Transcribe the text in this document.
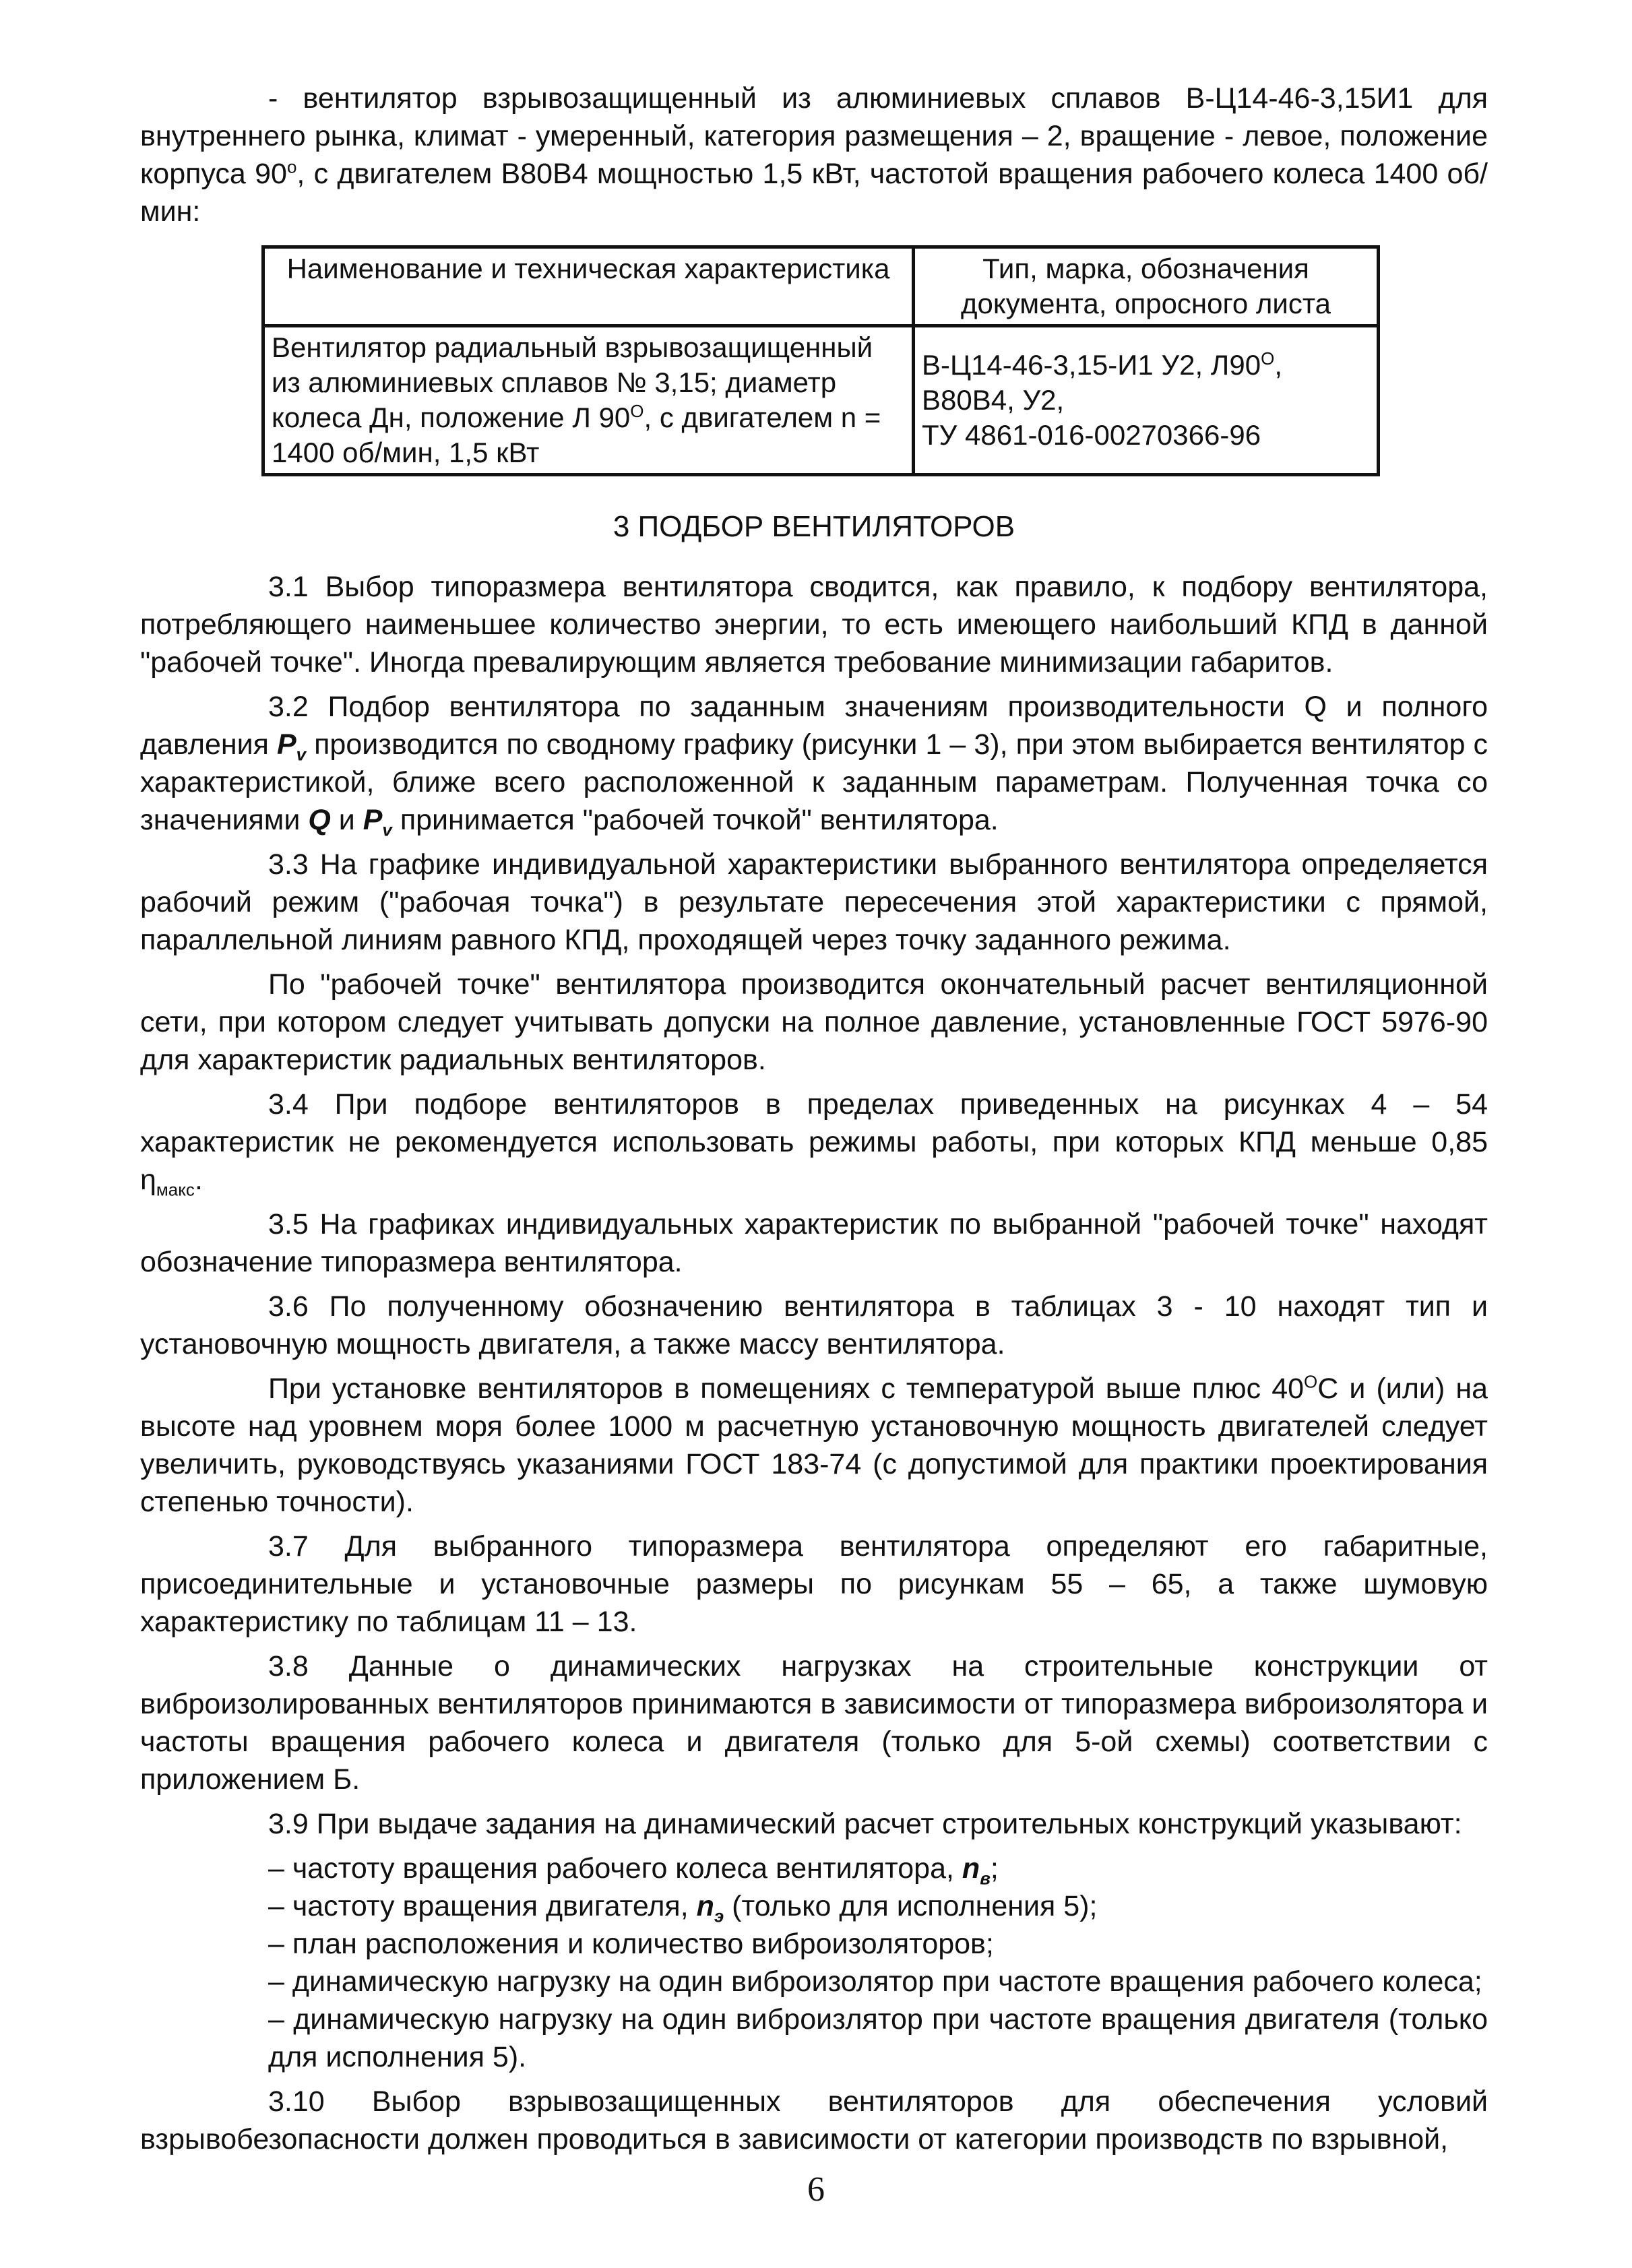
- вентилятор взрывозащищенный из алюминиевых сплавов В-Ц14-46-3,15И1 для внутреннего рынка, климат - умеренный, категория размещения – 2, вращение - левое, положение корпуса $90^о$, с двигателем В80В4 мощностью 1,5 кВт, частотой вращения рабочего колеса 1400 об/мин:

Наименование и техническая характеристика	Тип, марка, обозначения документа, опросного листа
Вентилятор радиальный взрывозащищенный из алюминиевых сплавов № 3,15; диаметр колеса Дн, положение Л $90^О$, с двигателем n = 1400 об/мин, 1,5 кВт	В-Ц14-46-3,15-И1 У2, $Л90^О$,
В80В4, У2,
ТУ 4861-016-00270366-96
3 ПОДБОР ВЕНТИЛЯТОРОВ

3.1 Выбор типоразмера вентилятора сводится, как правило, к подбору вентилятора, потребляющего наименьшее количество энергии, то есть имеющего наибольший КПД в данной "рабочей точке". Иногда превалирующим является требование минимизации габаритов.

3.2 Подбор вентилятора по заданным значениям производительности Q и полного давления $P_v$ производится по сводному графику (рисунки 1 – 3), при этом выбирается вентилятор с характеристикой, ближе всего расположенной к заданным параметрам. Полученная точка со значениями Q и $P_v$ принимается "рабочей точкой" вентилятора.

3.3 На графике индивидуальной характеристики выбранного вентилятора определяется рабочий режим ("рабочая точка") в результате пересечения этой характеристики с прямой, параллельной линиям равного КПД, проходящей через точку заданного режима.

По "рабочей точке" вентилятора производится окончательный расчет вентиляционной сети, при котором следует учитывать допуски на полное давление, установленные ГОСТ 5976-90 для характеристик радиальных вентиляторов.

3.4 При подборе вентиляторов в пределах приведенных на рисунках 4 – 54 характеристик не рекомендуется использовать режимы работы, при которых КПД меньше 0,85 $\eta_{макс}$.

3.5 На графиках индивидуальных характеристик по выбранной "рабочей точке" находят обозначение типоразмера вентилятора.

3.6 По полученному обозначению вентилятора в таблицах 3 - 10 находят тип и установочную мощность двигателя, а также массу вентилятора.

При установке вентиляторов в помещениях с температурой выше плюс $40^ОС$ и (или) на высоте над уровнем моря более 1000 м расчетную установочную мощность двигателей следует увеличить, руководствуясь указаниями ГОСТ 183-74 (с допустимой для практики проектирования степенью точности).

3.7 Для выбранного типоразмера вентилятора определяют его габаритные, присоединительные и установочные размеры по рисункам 55 – 65, а также шумовую характеристику по таблицам 11 – 13.

3.8 Данные о динамических нагрузках на строительные конструкции от виброизолированных вентиляторов принимаются в зависимости от типоразмера виброизолятора и частоты вращения рабочего колеса и двигателя (только для 5-ой схемы) соответствии с приложением Б.

3.9 При выдаче задания на динамический расчет строительных конструкций указывают:

– частоту вращения рабочего колеса вентилятора, $n_в$;

– частоту вращения двигателя, $n_э$ (только для исполнения 5);

– план расположения и количество виброизоляторов;

– динамическую нагрузку на один виброизолятор при частоте вращения рабочего колеса;

– динамическую нагрузку на один виброизлятор при частоте вращения двигателя (только для исполнения 5).

3.10 Выбор взрывозащищенных вентиляторов для обеспечения условий взрывобезопасности должен проводиться в зависимости от категории производств по взрывной,

6
